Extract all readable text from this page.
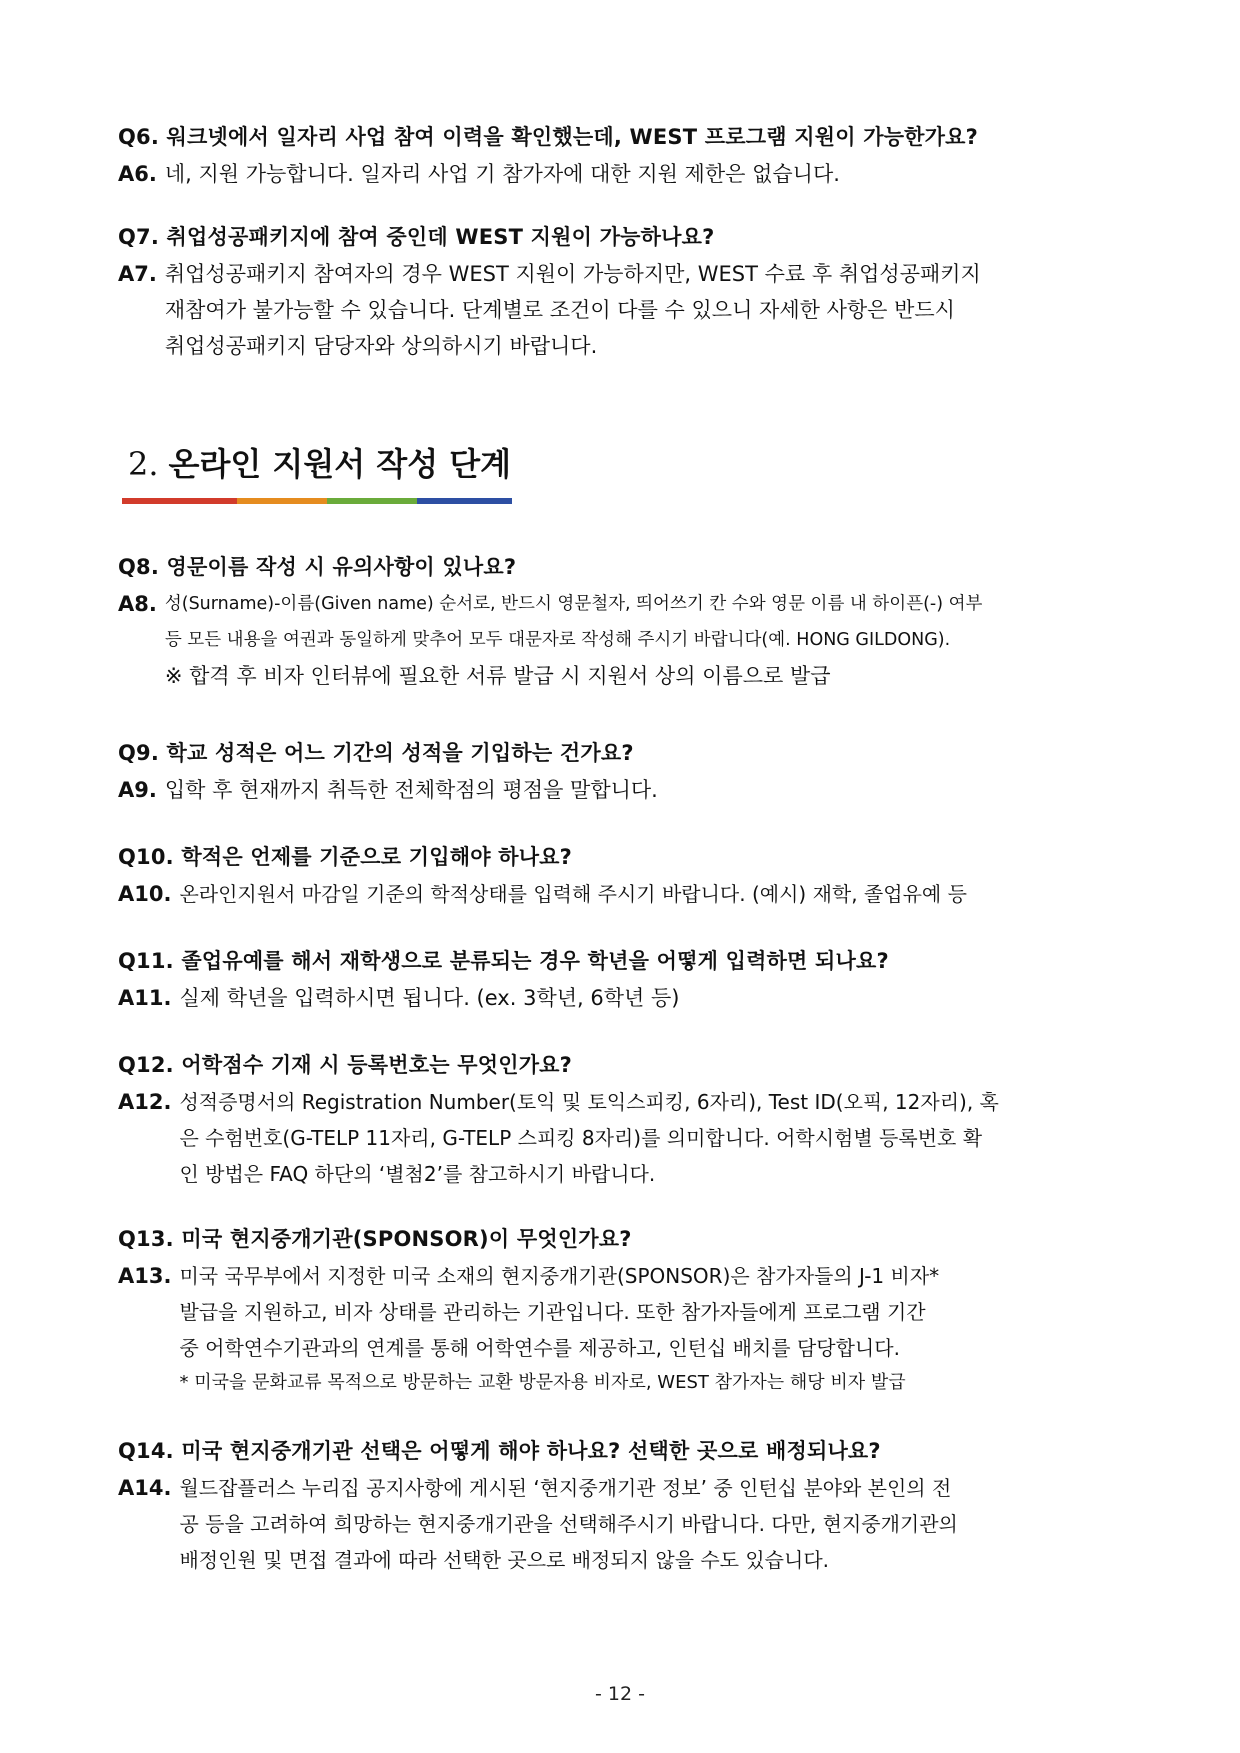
Q6. 워크넷에서 일자리 사업 참여 이력을 확인했는데, WEST 프로그램 지원이 가능한가요?
A6. 네, 지원 가능합니다. 일자리 사업 기 참가자에 대한 지원 제한은 없습니다.
Q7. 취업성공패키지에 참여 중인데 WEST 지원이 가능하나요?
A7. 취업성공패키지 참여자의 경우 WEST 지원이 가능하지만, WEST 수료 후 취업성공패키지
재참여가 불가능할 수 있습니다. 단계별로 조건이 다를 수 있으니 자세한 사항은 반드시
취업성공패키지 담당자와 상의하시기 바랍니다.
2. 온라인 지원서 작성 단계
Q8. 영문이름 작성 시 유의사항이 있나요?
A8. 성(Surname)-이름(Given name) 순서로, 반드시 영문철자, 띄어쓰기 칸 수와 영문 이름 내 하이픈(-) 여부
등 모든 내용을 여권과 동일하게 맞추어 모두 대문자로 작성해 주시기 바랍니다(예. HONG GILDONG).
※ 합격 후 비자 인터뷰에 필요한 서류 발급 시 지원서 상의 이름으로 발급
Q9. 학교 성적은 어느 기간의 성적을 기입하는 건가요?
A9. 입학 후 현재까지 취득한 전체학점의 평점을 말합니다.
Q10. 학적은 언제를 기준으로 기입해야 하나요?
A10. 온라인지원서 마감일 기준의 학적상태를 입력해 주시기 바랍니다. (예시) 재학, 졸업유예 등
Q11. 졸업유예를 해서 재학생으로 분류되는 경우 학년을 어떻게 입력하면 되나요?
A11. 실제 학년을 입력하시면 됩니다. (ex. 3학년, 6학년 등)
Q12. 어학점수 기재 시 등록번호는 무엇인가요?
A12. 성적증명서의 Registration Number(토익 및 토익스피킹, 6자리), Test ID(오픽, 12자리), 혹
은 수험번호(G-TELP 11자리, G-TELP 스피킹 8자리)를 의미합니다. 어학시험별 등록번호 확
인 방법은 FAQ 하단의 ‘별첨2’를 참고하시기 바랍니다.
Q13. 미국 현지중개기관(SPONSOR)이 무엇인가요?
A13. 미국 국무부에서 지정한 미국 소재의 현지중개기관(SPONSOR)은 참가자들의 J-1 비자*
발급을 지원하고, 비자 상태를 관리하는 기관입니다. 또한 참가자들에게 프로그램 기간
중 어학연수기관과의 연계를 통해 어학연수를 제공하고, 인턴십 배치를 담당합니다.
* 미국을 문화교류 목적으로 방문하는 교환 방문자용 비자로, WEST 참가자는 해당 비자 발급
Q14. 미국 현지중개기관 선택은 어떻게 해야 하나요? 선택한 곳으로 배정되나요?
A14. 월드잡플러스 누리집 공지사항에 게시된 ‘현지중개기관 정보’ 중 인턴십 분야와 본인의 전
공 등을 고려하여 희망하는 현지중개기관을 선택해주시기 바랍니다. 다만, 현지중개기관의
배정인원 및 면접 결과에 따라 선택한 곳으로 배정되지 않을 수도 있습니다.
- 12 -
